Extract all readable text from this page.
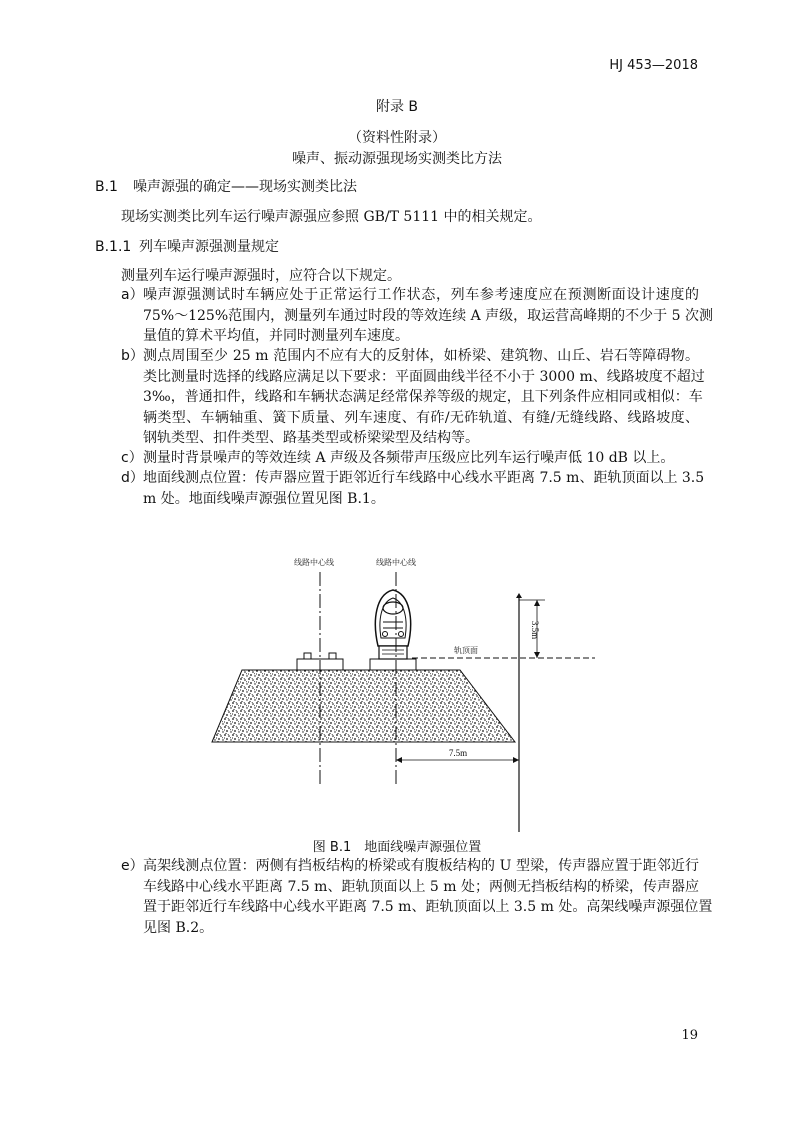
HJ 453—2018
附录 B
（资料性附录）
噪声、振动源强现场实测类比方法
B.1 噪声源强的确定——现场实测类比法
现场实测类比列车运行噪声源强应参照 GB/T 5111 中的相关规定。
B.1.1 列车噪声源强测量规定
测量列车运行噪声源强时，应符合以下规定。
a） 噪声源强测试时车辆应处于正常运行工作状态，列车参考速度应在预测断面设计速度的
75%～125%范围内，测量列车通过时段的等效连续 A 声级，取运营高峰期的不少于 5 次测
量值的算术平均值，并同时测量列车速度。
b） 测点周围至少 25 m 范围内不应有大的反射体，如桥梁、建筑物、山丘、岩石等障碍物。
类比测量时选择的线路应满足以下要求：平面圆曲线半径不小于 3000 m、线路坡度不超过
3‰，普通扣件，线路和车辆状态满足经常保养等级的规定，且下列条件应相同或相似：车
辆类型、车辆轴重、簧下质量、列车速度、有砟/无砟轨道、有缝/无缝线路、线路坡度、
钢轨类型、扣件类型、路基类型或桥梁梁型及结构等。
c） 测量时背景噪声的等效连续 A 声级及各频带声压级应比列车运行噪声低 10 dB 以上。
d） 地面线测点位置：传声器应置于距邻近行车线路中心线水平距离 7.5 m、距轨顶面以上 3.5
m 处。地面线噪声源强位置见图 B.1。
3.5m
7.5m
线路中心线	线路中心线
轨顶面
图 B.1　地面线噪声源强位置
e） 高架线测点位置：两侧有挡板结构的桥梁或有腹板结构的 U 型梁，传声器应置于距邻近行
车线路中心线水平距离 7.5 m、距轨顶面以上 5 m 处；两侧无挡板结构的桥梁，传声器应
置于距邻近行车线路中心线水平距离 7.5 m、距轨顶面以上 3.5 m 处。高架线噪声源强位置
见图 B.2。
19
